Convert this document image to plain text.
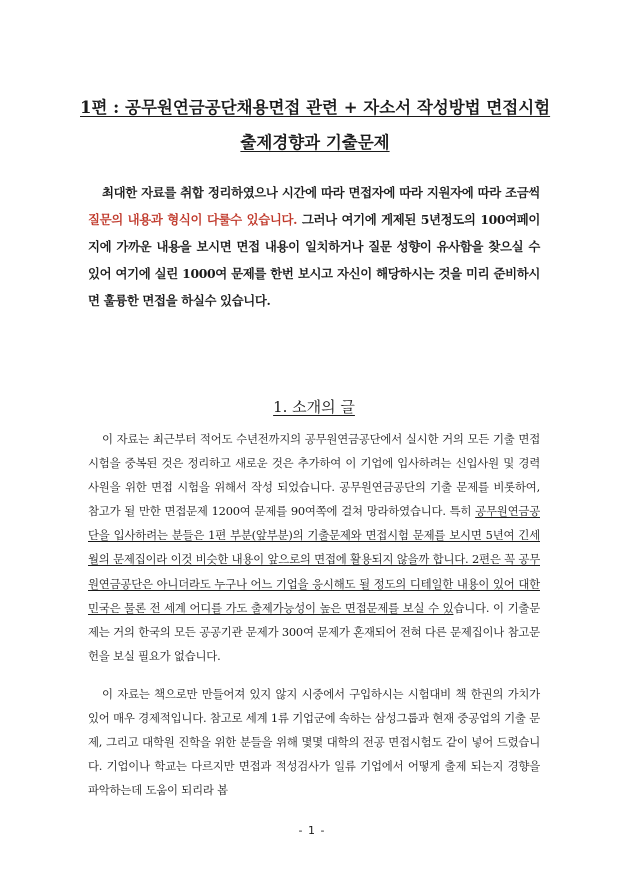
1편 : 공무원연금공단채용면접 관련 + 자소서 작성방법 면접시험
출제경향과 기출문제
최대한 자료를 취합 정리하였으나 시간에 따라 면접자에 따라 지원자에 따라 조금씩 질문의 내용과 형식이 다룰수 있습니다. 그러나 여기에 게제된 5년정도의 100여페이지에 가까운 내용을 보시면 면접 내용이 일치하거나 질문 성향이 유사함을 찾으실 수 있어 여기에 실린 1000여 문제를 한번 보시고 자신이 해당하시는 것을 미리 준비하시면 훌륭한 면접을 하실수 있습니다.
1. 소개의 글
이 자료는 최근부터 적어도 수년전까지의 공무원연금공단에서 실시한 거의 모든 기출 면접시험을 중복된 것은 정리하고 새로운 것은 추가하여 이 기업에 입사하려는 신입사원 및 경력 사원을 위한 면접 시험을 위해서 작성 되었습니다. 공무원연금공단의 기출 문제를 비롯하여, 참고가 될 만한 면접문제 1200여 문제를 90여쪽에 걸쳐 망라하였습니다. 특히 공무원연금공단을 입사하려는 분들은 1편 부분(앞부분)의 기출문제와 면접시험 문제를 보시면 5년여 긴세월의 문제집이라 이것 비슷한 내용이 앞으로의 면접에 활용되지 않을까 합니다. 2편은 꼭 공무원연금공단은 아니더라도 누구나 어느 기업을 응시해도 될 정도의 디테일한 내용이 있어 대한민국은 물론 전 세계 어디를 가도 출제가능성이 높은 면접문제를 보실 수 있습니다. 이 기출문제는 거의 한국의 모든 공공기관 문제가 300여 문제가 혼재되어 전혀 다른 문제집이나 참고문헌을 보실 필요가 없습니다.
이 자료는 책으로만 만들어져 있지 않지 시중에서 구입하시는 시험대비 책 한권의 가치가 있어 매우 경제적입니다. 참고로 세계 1류 기업군에 속하는 삼성그룹과 현재 중공업의 기출 문제, 그리고 대학원 진학을 위한 분들을 위해 몇몇 대학의 전공 면접시험도 같이 넣어 드렸습니다. 기업이나 학교는 다르지만 면접과 적성검사가 일류 기업에서 어떻게 출제 되는지 경향을 파악하는데 도움이 되리라 봅
- 1 -
